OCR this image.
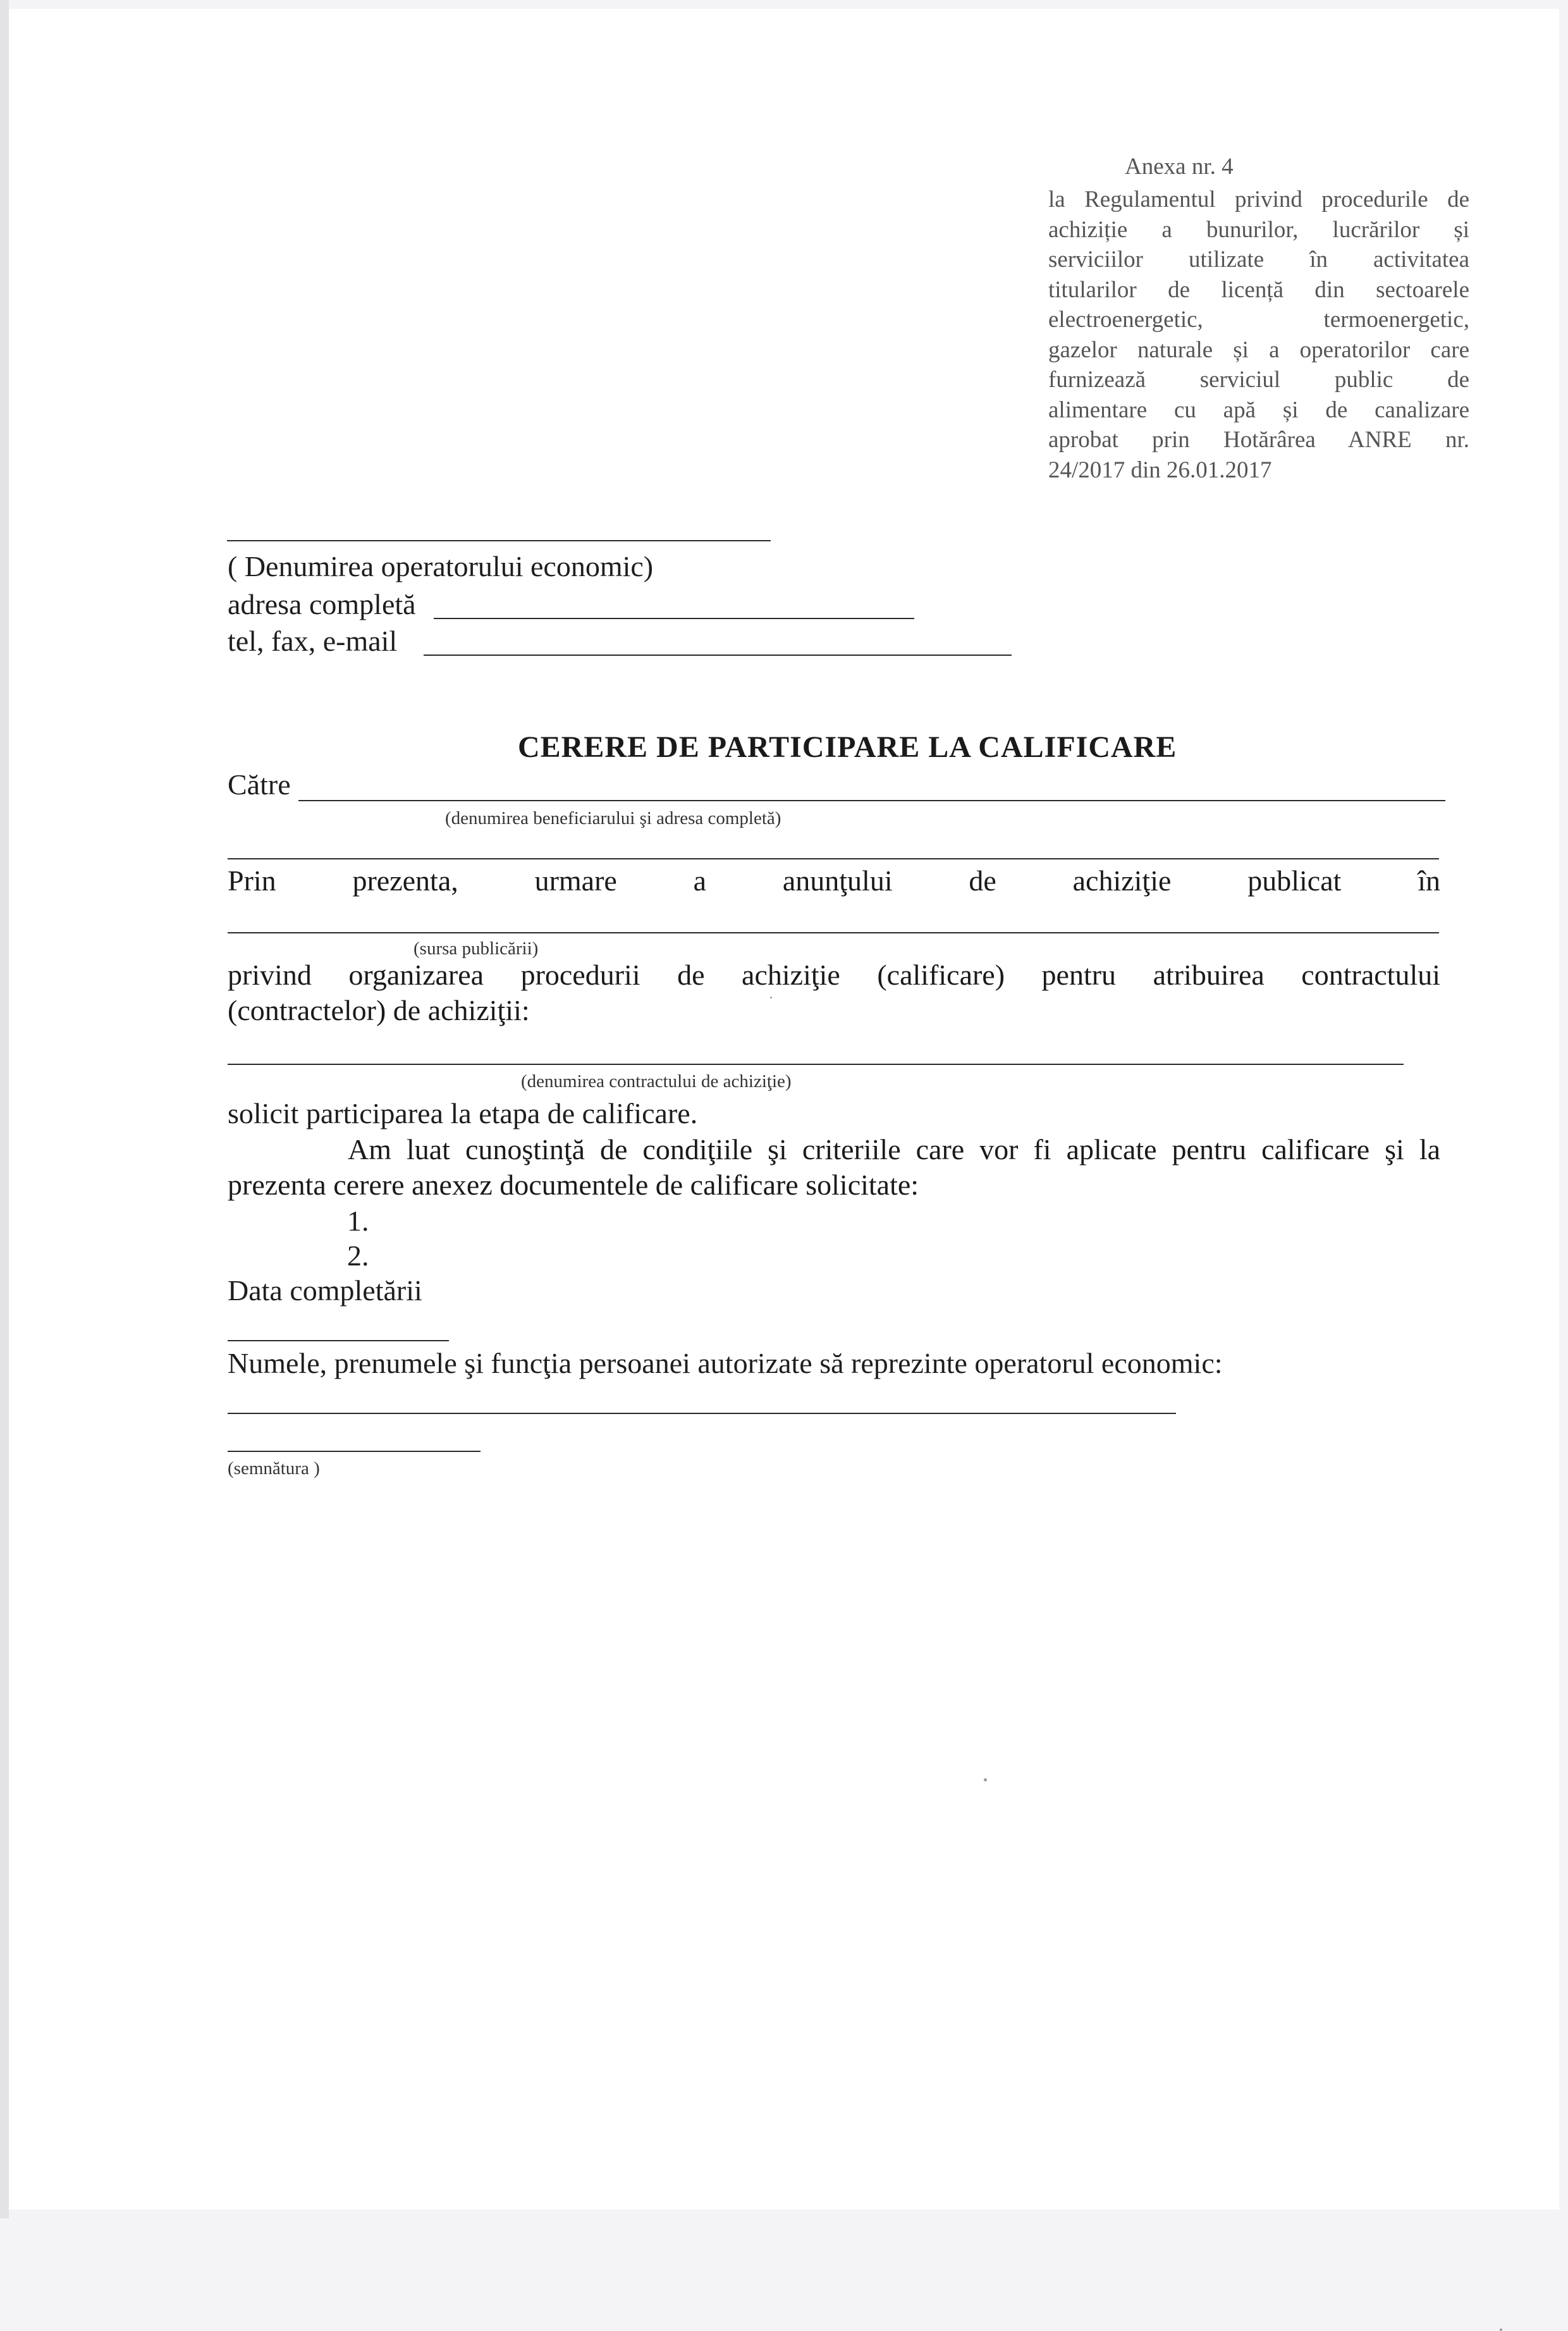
Anexa nr. 4
la Regulamentul privind procedurile de
achiziție a bunurilor, lucrărilor și
serviciilor utilizate în activitatea
titularilor de licență din sectoarele
electroenergetic, termoenergetic,
gazelor naturale și a operatorilor care
furnizează serviciul public de
alimentare cu apă și de canalizare
aprobat prin Hotărârea ANRE nr.
24/2017 din 26.01.2017
( Denumirea operatorului economic)
adresa completă
tel, fax, e-mail
CERERE DE PARTICIPARE LA CALIFICARE
Către
(denumirea beneficiarului şi adresa completă)
Prin	prezenta,	urmare	a	anunţului	de	achiziţie	publicat	în
(sursa publicării)
privind organizarea procedurii de achiziţie (calificare) pentru atribuirea contractului
(contractelor) de achiziţii:
(denumirea contractului de achiziţie)
solicit participarea la etapa de calificare.
Am luat cunoştinţă de condiţiile şi criteriile care vor fi aplicate pentru calificare şi la
prezenta cerere anexez documentele de calificare solicitate:
1.
2.
Data completării
Numele, prenumele şi funcţia persoanei autorizate să reprezinte operatorul economic:
(semnătura )
